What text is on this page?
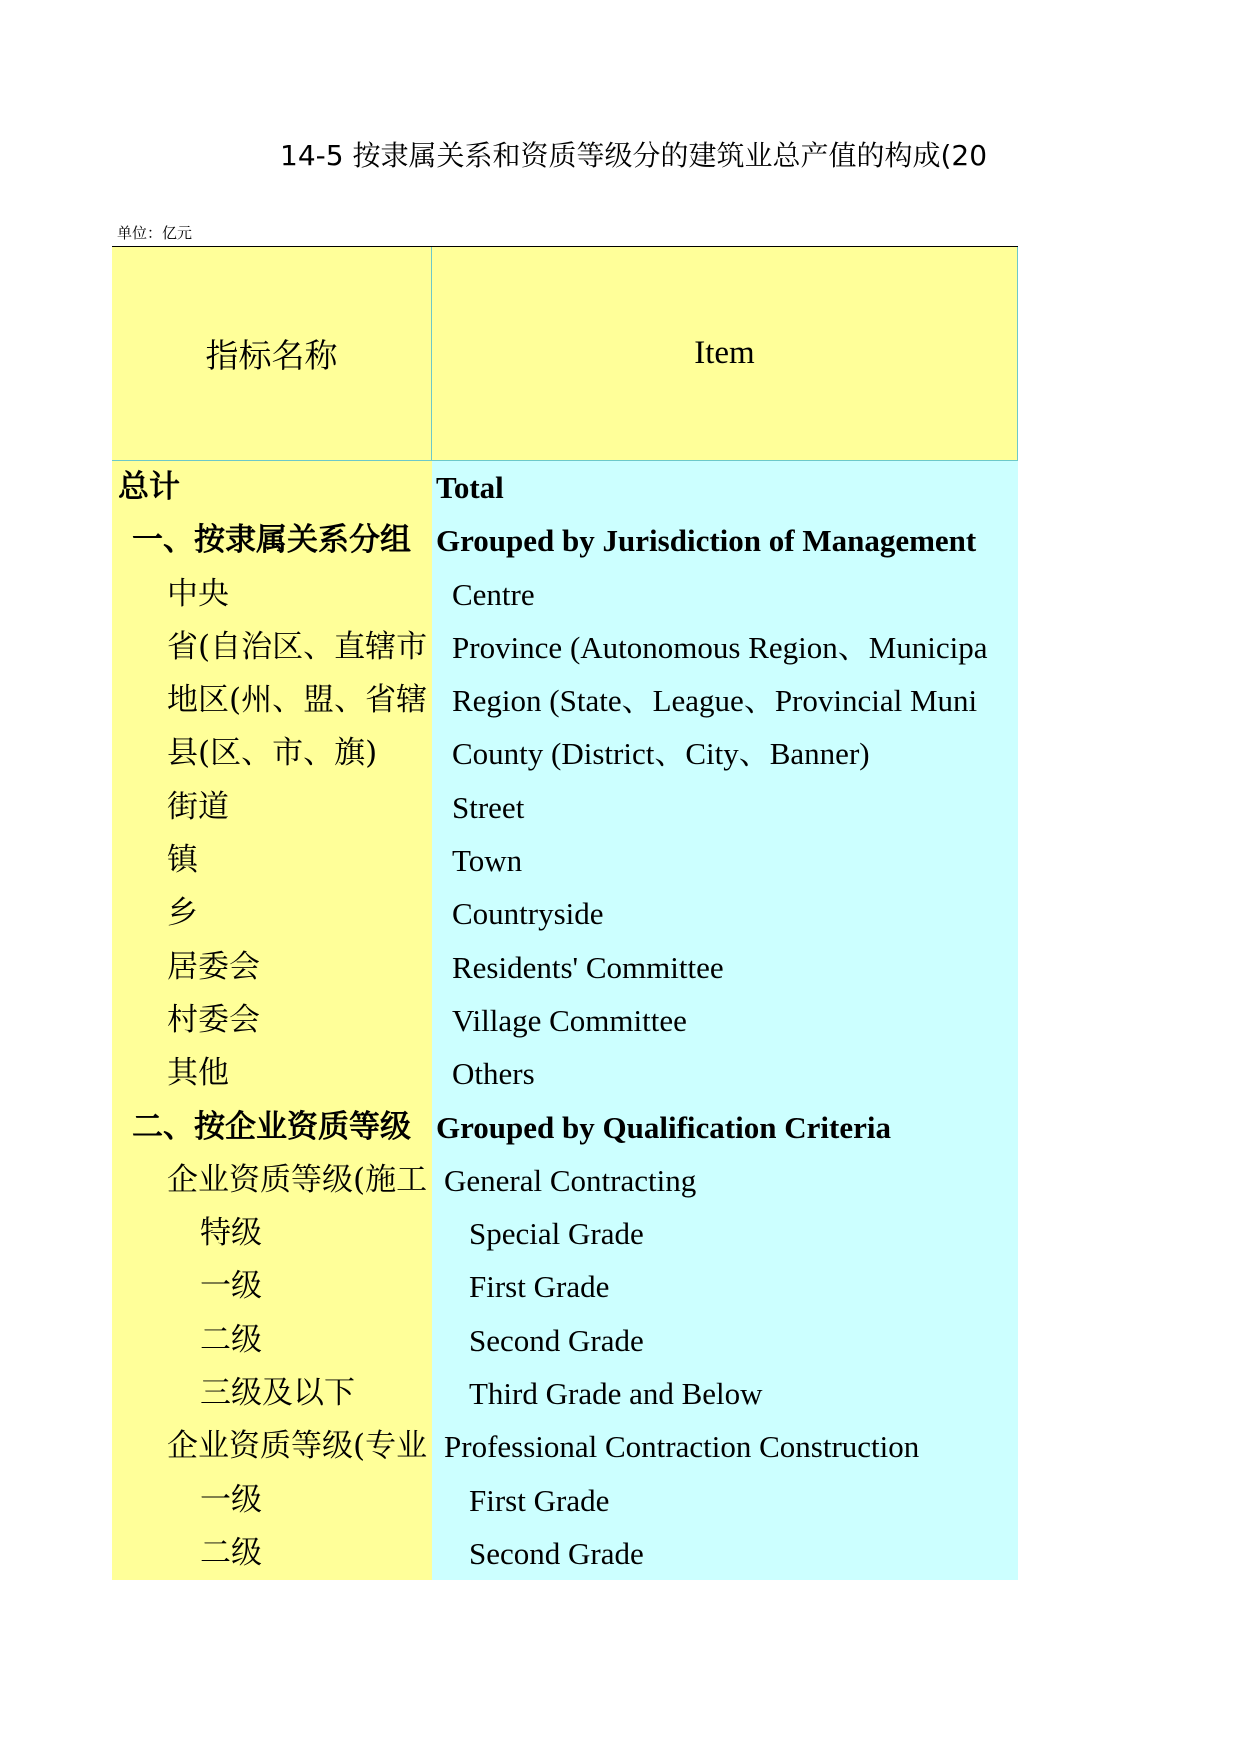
14-5 按隶属关系和资质等级分的建筑业总产值的构成(20
单位：亿元
指标名称	Item
总计	Total
一、按隶属关系分组 Grouped by Jurisdiction of Management
中央	Centre
省(自治区、直辖市 Province (Autonomous Region、Municipa
地区(州、盟、省辖 Region (State、League、Provincial Muni
县(区、市、旗)	County (District、City、Banner)
街道	Street
镇	Town
乡	Countryside
居委会	Residents' Committee
村委会	Village Committee
其他	Others
二、按企业资质等级 Grouped by Qualification Criteria
企业资质等级(施工 General Contracting
特级	Special Grade
一级	First Grade
二级	Second Grade
三级及以下	Third Grade and Below
企业资质等级(专业 Professional Contraction Construction
一级	First Grade
二级	Second Grade
